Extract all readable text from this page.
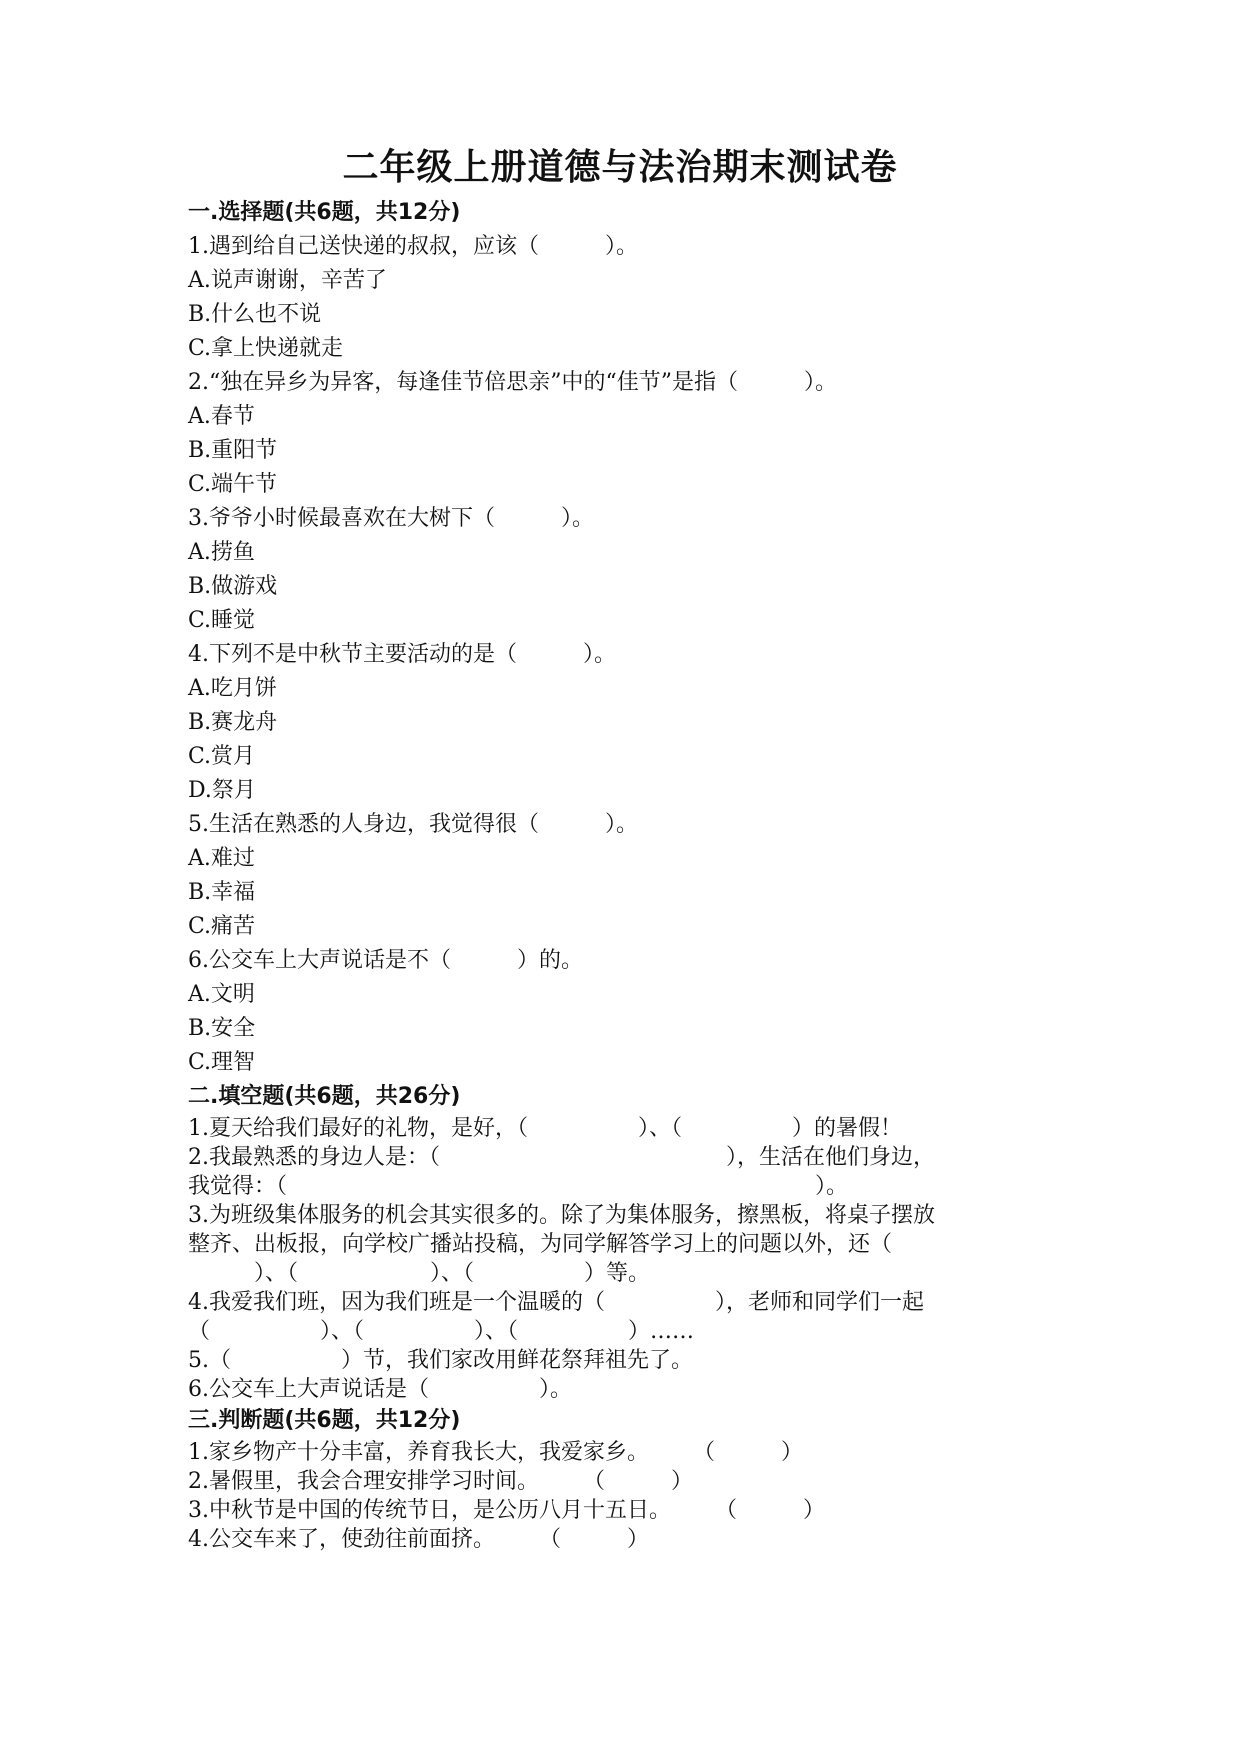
二年级上册道德与法治期末测试卷
一.选择题(共6题，共12分)
1.遇到给自己送快递的叔叔，应该（　　　）。
A.说声谢谢，辛苦了
B.什么也不说
C.拿上快递就走
2.“独在异乡为异客，每逢佳节倍思亲”中的“佳节”是指（　　　）。
A.春节
B.重阳节
C.端午节
3.爷爷小时候最喜欢在大树下（　　　）。
A.捞鱼
B.做游戏
C.睡觉
4.下列不是中秋节主要活动的是（　　　）。
A.吃月饼
B.赛龙舟
C.赏月
D.祭月
5.生活在熟悉的人身边，我觉得很（　　　）。
A.难过
B.幸福
C.痛苦
6.公交车上大声说话是不（　　　）的。
A.文明
B.安全
C.理智
二.填空题(共6题，共26分)
1.夏天给我们最好的礼物，是好，（　　　　　）、（　　　　　）的暑假！
2.我最熟悉的身边人是：（　　　　　　　　　　　　　），生活在他们身边，
我觉得：（　　　　　　　　　　　　　　　　　　　　　　　　）。
3.为班级集体服务的机会其实很多的。除了为集体服务，擦黑板，将桌子摆放
整齐、出板报，向学校广播站投稿，为同学解答学习上的问题以外，还（
　　　）、（　　　　　　）、（　　　　　）等。
4.我爱我们班，因为我们班是一个温暖的（　　　　　），老师和同学们一起
（　　　　　）、（　　　　　）、（　　　　　）……
5.（　　　　　）节，我们家改用鲜花祭拜祖先了。
6.公交车上大声说话是（　　　　　）。
三.判断题(共6题，共12分)
1.家乡物产十分丰富，养育我长大，我爱家乡。　　　（　　　）
2.暑假里，我会合理安排学习时间。　　　（　　　）
3.中秋节是中国的传统节日，是公历八月十五日。　　　（　　　）
4.公交车来了，使劲往前面挤。　　　（　　　）
